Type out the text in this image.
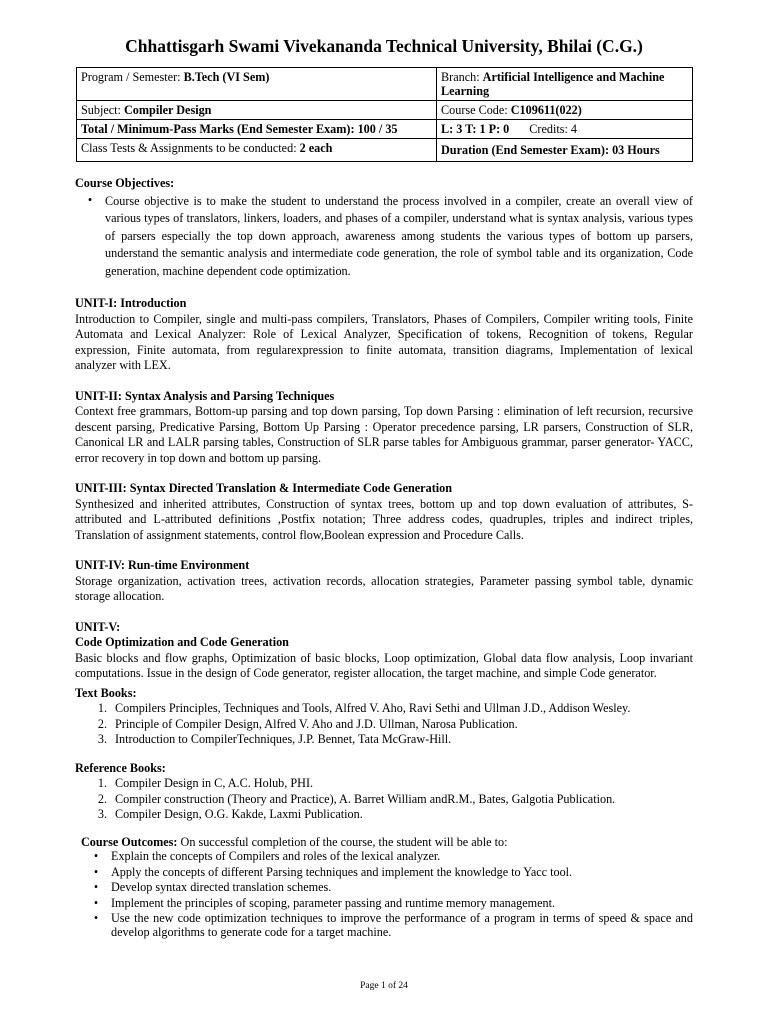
Chhattisgarh Swami Vivekananda Technical University, Bhilai (C.G.)
Program / Semester: B.Tech (VI Sem)	Branch: Artificial Intelligence and Machine Learning
Subject: Compiler Design	Course Code: C109611(022)
Total / Minimum-Pass Marks (End Semester Exam): 100 / 35	L: 3 T: 1 P: 0 Credits: 4
Class Tests & Assignments to be conducted: 2 each	Duration (End Semester Exam): 03 Hours

Course Objectives:

•	Course objective is to make the student to understand the process involved in a compiler, create an overall view of various types of translators, linkers, loaders, and phases of a compiler, understand what is syntax analysis, various types of parsers especially the top down approach, awareness among students the various types of bottom up parsers, understand the semantic analysis and intermediate code generation, the role of symbol table and its organization, Code generation, machine dependent code optimization.

UNIT-I: Introduction

Introduction to Compiler, single and multi-pass compilers, Translators, Phases of Compilers, Compiler writing tools, Finite Automata and Lexical Analyzer: Role of Lexical Analyzer, Specification of tokens, Recognition of tokens, Regular expression, Finite automata, from regularexpression to finite automata, transition diagrams, Implementation of lexical analyzer with LEX.

UNIT-II: Syntax Analysis and Parsing Techniques

Context free grammars, Bottom-up parsing and top down parsing, Top down Parsing : elimination of left recursion, recursive descent parsing, Predicative Parsing, Bottom Up Parsing : Operator precedence parsing, LR parsers, Construction of SLR, Canonical LR and LALR parsing tables, Construction of SLR parse tables for Ambiguous grammar, parser generator- YACC, error recovery in top down and bottom up parsing.

UNIT-III: Syntax Directed Translation & Intermediate Code Generation

Synthesized and inherited attributes, Construction of syntax trees, bottom up and top down evaluation of attributes, S- attributed and L-attributed definitions ,Postfix notation; Three address codes, quadruples, triples and indirect triples, Translation of assignment statements, control flow,Boolean expression and Procedure Calls.

UNIT-IV: Run-time Environment

Storage organization, activation trees, activation records, allocation strategies, Parameter passing symbol table, dynamic storage allocation.

UNIT-V:

Code Optimization and Code Generation

Basic blocks and flow graphs, Optimization of basic blocks, Loop optimization, Global data flow analysis, Loop invariant computations. Issue in the design of Code generator, register allocation, the target machine, and simple Code generator.

Text Books:

1. Compilers Principles, Techniques and Tools, Alfred V. Aho, Ravi Sethi and Ullman J.D., Addison Wesley.
2. Principle of Compiler Design, Alfred V. Aho and J.D. Ullman, Narosa Publication.
3. Introduction to CompilerTechniques, J.P. Bennet, Tata McGraw-Hill.

Reference Books:

1. Compiler Design in C, A.C. Holub, PHI.
2. Compiler construction (Theory and Practice), A. Barret William andR.M., Bates, Galgotia Publication.
3. Compiler Design, O.G. Kakde, Laxmi Publication.

Course Outcomes: On successful completion of the course, the student will be able to:

•	Explain the concepts of Compilers and roles of the lexical analyzer.
•	Apply the concepts of different Parsing techniques and implement the knowledge to Yacc tool.
•	Develop syntax directed translation schemes.
•	Implement the principles of scoping, parameter passing and runtime memory management.
•	Use the new code optimization techniques to improve the performance of a program in terms of speed & space and develop algorithms to generate code for a target machine.
Page 1 of 24
